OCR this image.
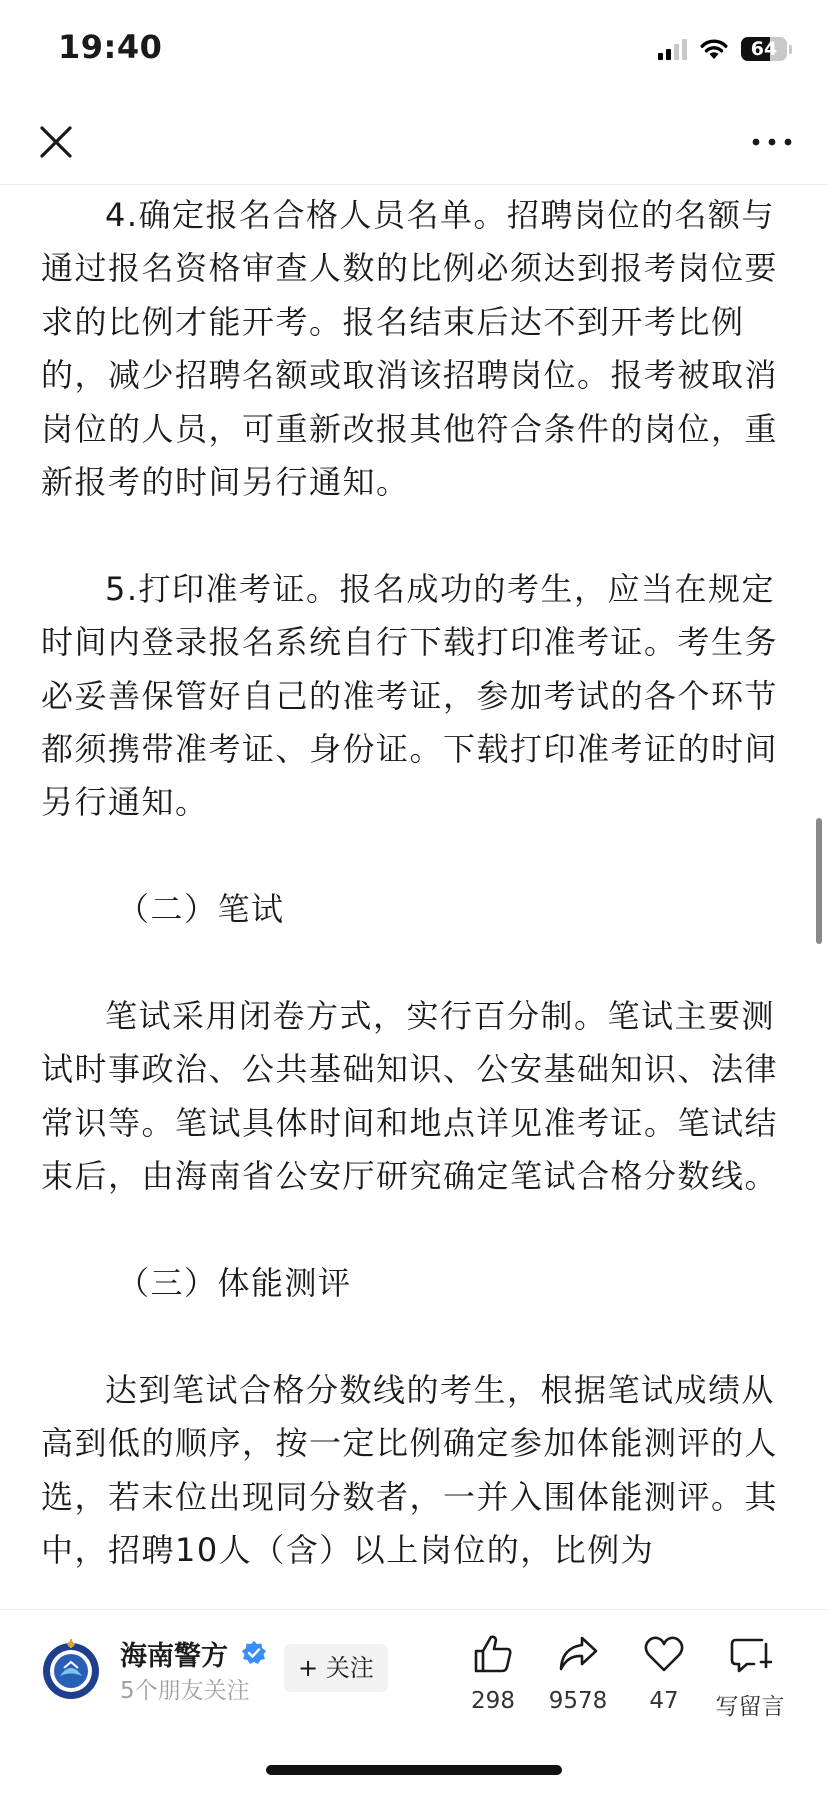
19:40	64

4.确定报名合格人员名单。招聘岗位的名额与通过报名资格审查人数的比例必须达到报考岗位要求的比例才能开考。报名结束后达不到开考比例的，减少招聘名额或取消该招聘岗位。报考被取消岗位的人员，可重新改报其他符合条件的岗位，重新报考的时间另行通知。

5.打印准考证。报名成功的考生，应当在规定时间内登录报名系统自行下载打印准考证。考生务必妥善保管好自己的准考证，参加考试的各个环节都须携带准考证、身份证。下载打印准考证的时间另行通知。

（二）笔试

笔试采用闭卷方式，实行百分制。笔试主要测试时事政治、公共基础知识、公安基础知识、法律常识等。笔试具体时间和地点详见准考证。笔试结束后，由海南省公安厅研究确定笔试合格分数线。

（三）体能测评

达到笔试合格分数线的考生，根据笔试成绩从高到低的顺序，按一定比例确定参加体能测评的人选，若末位出现同分数者，一并入围体能测评。其中，招聘10人（含）以上岗位的，比例为

海南警方
5个朋友关注
+ 关注
298	9578	47	写留言
